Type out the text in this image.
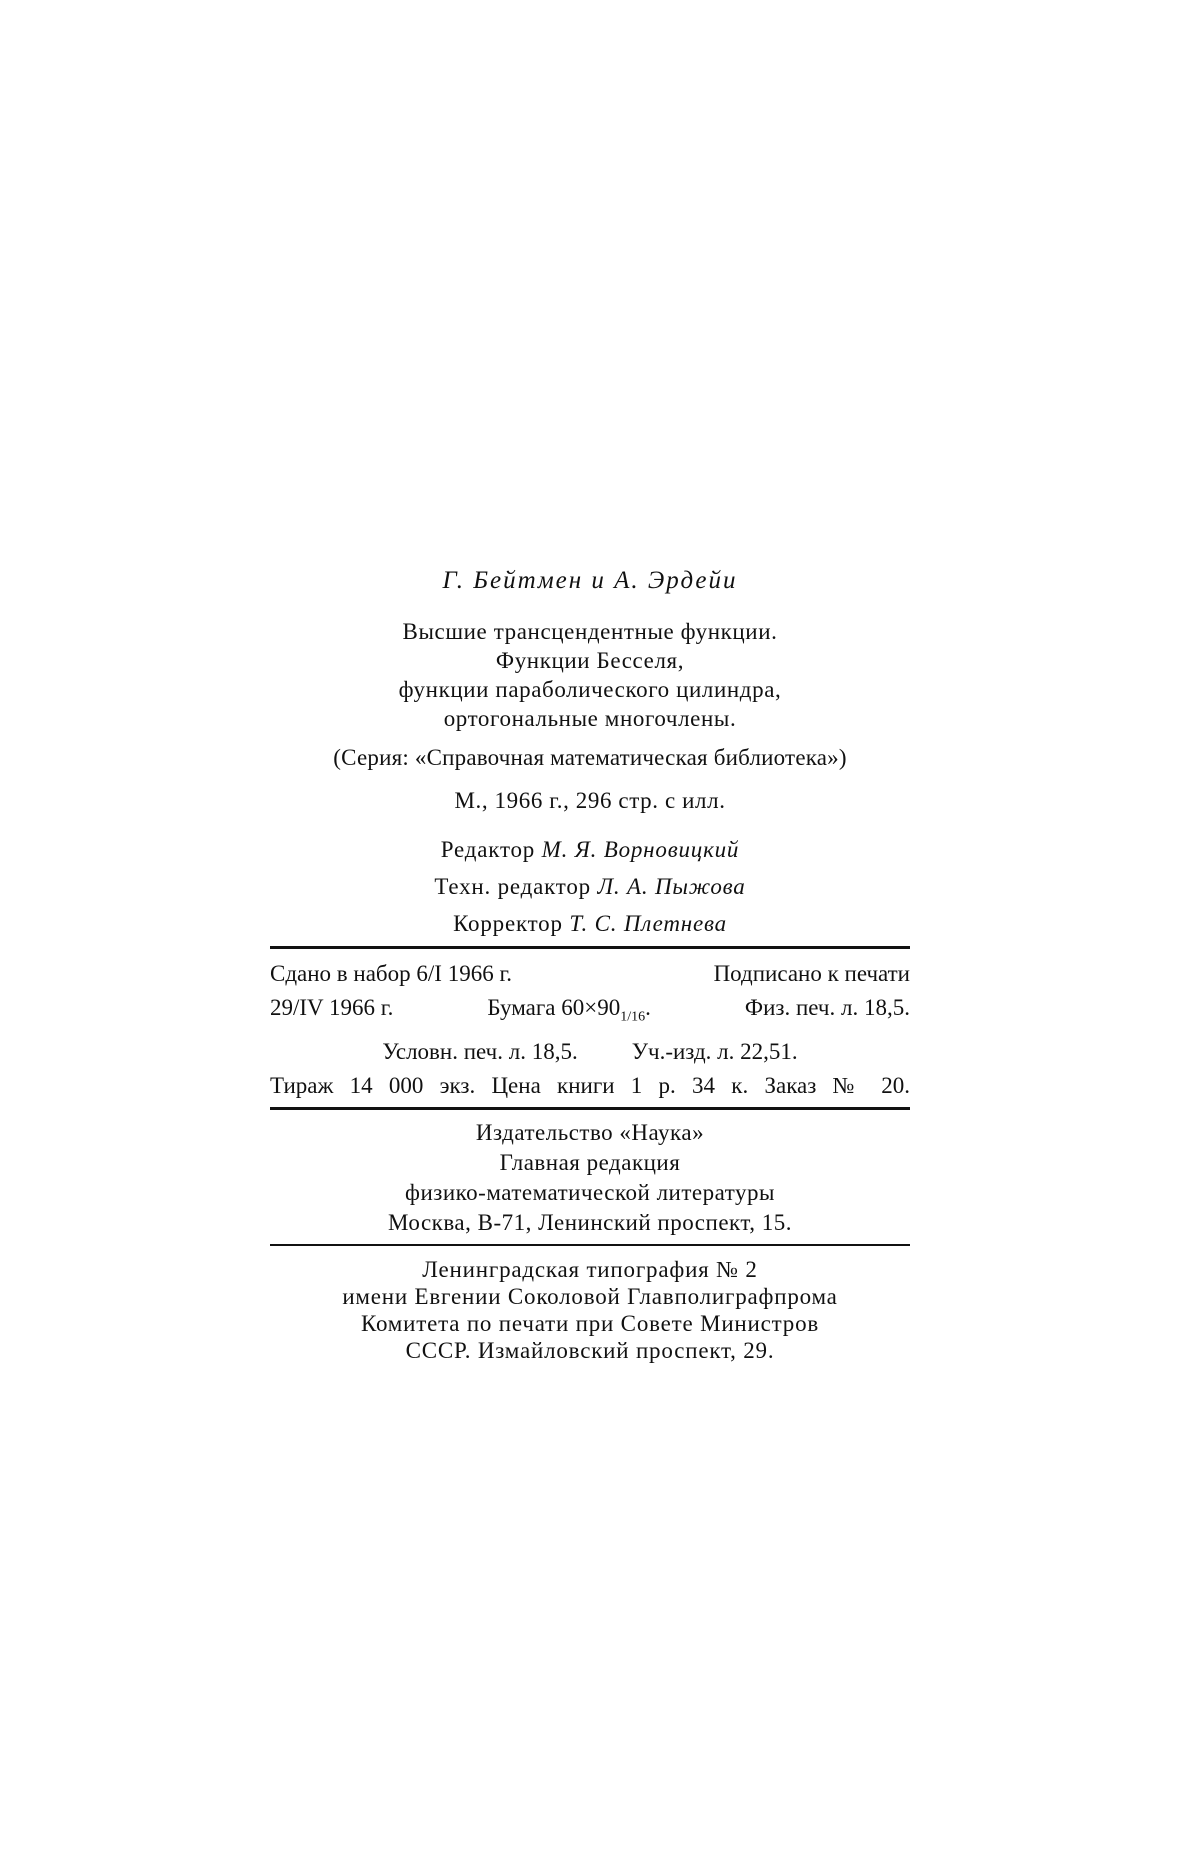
Г. Бейтмен и А. Эрдейи
Высшие трансцендентные функции.
Функции Бесселя,
функции параболического цилиндра,
ортогональные многочлены.
(Серия: «Справочная математическая библиотека»)
М., 1966 г., 296 стр. с илл.
Редактор М. Я. Ворновицкий
Техн. редактор Л. А. Пыжова
Корректор Т. С. Плетнева
Сдано в набор 6/I 1966 г.	Подписано к печати
29/IV 1966 г.	Бумага $60\times 90_{1/16}$.	Физ. печ. л. 18,5.
Условн. печ. л. 18,5. Уч.-изд. л. 22,51.
Тираж 14 000 экз. Цена книги 1 р. 34 к. Заказ № 20.
Издательство «Наука»
Главная редакция
физико-математической литературы
Москва, В-71, Ленинский проспект, 15.
Ленинградская типография № 2
имени Евгении Соколовой Главполиграфпрома
Комитета по печати при Совете Министров
СССР. Измайловский проспект, 29.
